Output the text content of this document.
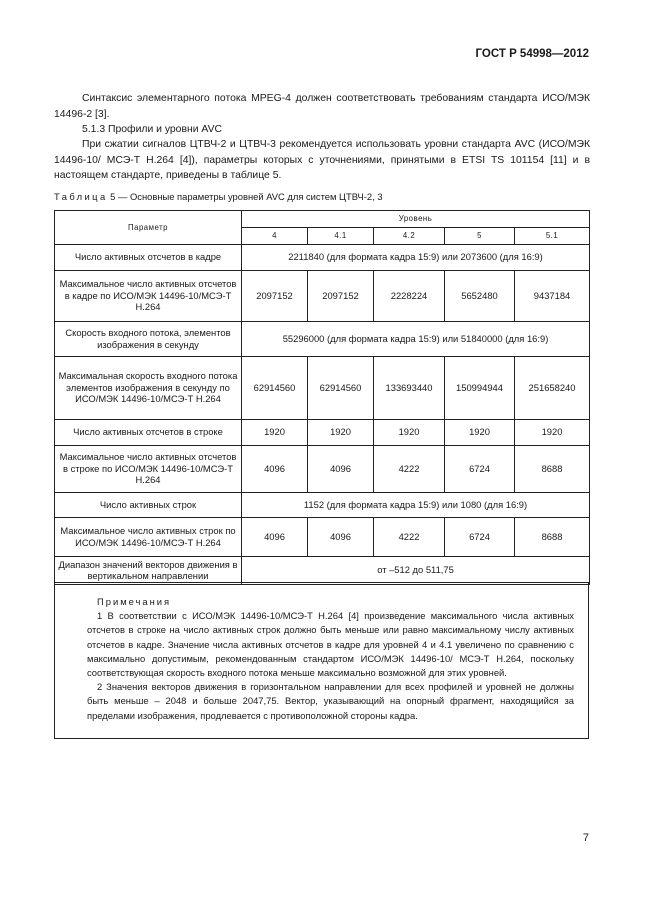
ГОСТ Р 54998—2012

Синтаксис элементарного потока MPEG-4 должен соответствовать требованиям стандарта ИСО/МЭК 14496-2 [3].

5.1.3 Профили и уровни AVC

При сжатии сигналов ЦТВЧ-2 и ЦТВЧ-3 рекомендуется использовать уровни стандарта AVC (ИСО/МЭК 14496-10/ МСЭ-Т Н.264 [4]), параметры которых с уточнениями, принятыми в ETSI TS 101154 [11] и в настоящем стандарте, приведены в таблице 5.

Таблица 5 — Основные параметры уровней AVC для систем ЦТВЧ-2, 3
Параметр	Уровень				
	4	4.1	4.2	5	5.1
Число активных отсчетов в кадре	2211840 (для формата кадра 15:9) или 2073600 (для 16:9)				
Максимальное число активных отсчетов в кадре по ИСО/МЭК 14496-10/МСЭ-Т Н.264	2097152	2097152	2228224	5652480	9437184
Скорость входного потока, элементов изображения в секунду	55296000 (для формата кадра 15:9) или 51840000 (для 16:9)				
Максимальная скорость входного потока элементов изображения в секунду по ИСО/МЭК 14496-10/МСЭ-Т Н.264	62914560	62914560	133693440	150994944	251658240
Число активных отсчетов в строке	1920	1920	1920	1920	1920
Максимальное число активных отсчетов в строке по ИСО/МЭК 14496-10/МСЭ-Т Н.264	4096	4096	4222	6724	8688
Число активных строк	1152 (для формата кадра 15:9) или 1080 (для 16:9)				
Максимальное число активных строк по ИСО/МЭК 14496-10/МСЭ-Т Н.264	4096	4096	4222	6724	8688
Диапазон значений векторов движения в вертикальном направлении	от –512 до 511,75				
Примечания

1 В соответствии с ИСО/МЭК 14496-10/МСЭ-Т Н.264 [4] произведение максимального числа активных отсчетов в строке на число активных строк должно быть меньше или равно максимальному числу активных отсчетов в кадре. Значение числа активных отсчетов в кадре для уровней 4 и 4.1 увеличено по сравнению с максимально допустимым, рекомендованным стандартом ИСО/МЭК 14496-10/ МСЭ-Т Н.264, поскольку соответствующая скорость входного потока меньше максимально возможной для этих уровней.

2 Значения векторов движения в горизонтальном направлении для всех профилей и уровней не должны быть меньше – 2048 и больше 2047,75. Вектор, указывающий на опорный фрагмент, находящийся за пределами изображения, продлевается с противоположной стороны кадра.

7
